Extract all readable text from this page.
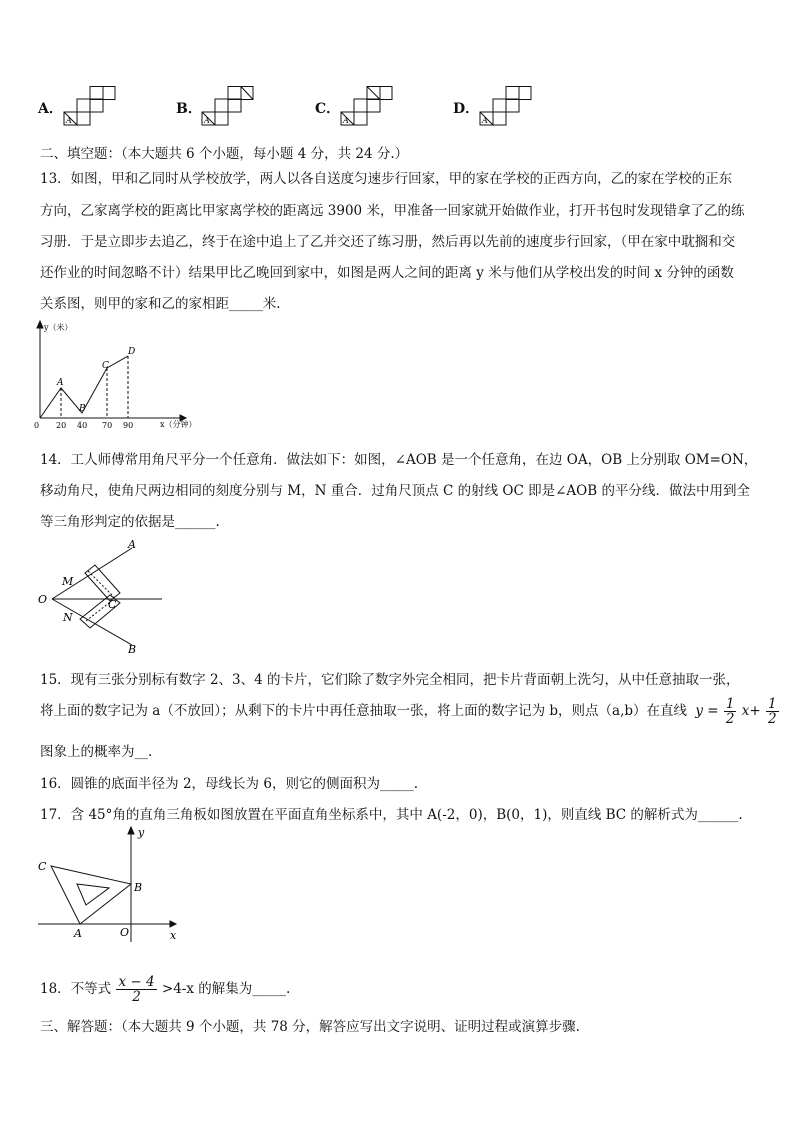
A．
A
B．
A
C．
A
D．
A
二、填空题：（本大题共 6 个小题，每小题 4 分，共 24 分.）
13．如图，甲和乙同时从学校放学，两人以各自送度匀速步行回家，甲的家在学校的正西方向，乙的家在学校的正东
方向，乙家离学校的距离比甲家离学校的距离远 3900 米，甲准备一回家就开始做作业，打开书包时发现错拿了乙的练
习册．于是立即步去追乙，终于在途中追上了乙并交还了练习册，然后再以先前的速度步行回家，（甲在家中耽搁和交
还作业的时间忽略不计）结果甲比乙晚回到家中，如图是两人之间的距离 y 米与他们从学校出发的时间 x 分钟的函数
关系图，则甲的家和乙的家相距_____米.
y（米）
x（分钟）
0 20 40 70 90
A
B
C
D
14．工人师傅常用角尺平分一个任意角．做法如下：如图，∠AOB 是一个任意角，在边 OA，OB 上分别取 OM=ON，
移动角尺，使角尺两边相同的刻度分别与 M，N 重合．过角尺顶点 C 的射线 OC 即是∠AOB 的平分线．做法中用到全
等三角形判定的依据是______.
A
B
O
M
N
C
15．现有三张分别标有数字 2、3、4 的卡片，它们除了数字外完全相同，把卡片背面朝上洗匀，从中任意抽取一张，
将上面的数字记为 a（不放回）；从剩下的卡片中再任意抽取一张，将上面的数字记为 b，则点（a,b）在直线 $y = \frac{1}{2} x+ \frac{1}{2}$
图象上的概率为__.
16．圆锥的底面半径为 2，母线长为 6，则它的侧面积为_____.
17．含 45°角的直角三角板如图放置在平面直角坐标系中，其中 A(-2，0)，B(0，1)，则直线 BC 的解析式为______.
C
B
A	O	x
y
18．不等式 $\frac{x - 4}{2} >4-x$ 的解集为_____.
三、解答题：（本大题共 9 个小题，共 78 分，解答应写出文字说明、证明过程或演算步骤.
